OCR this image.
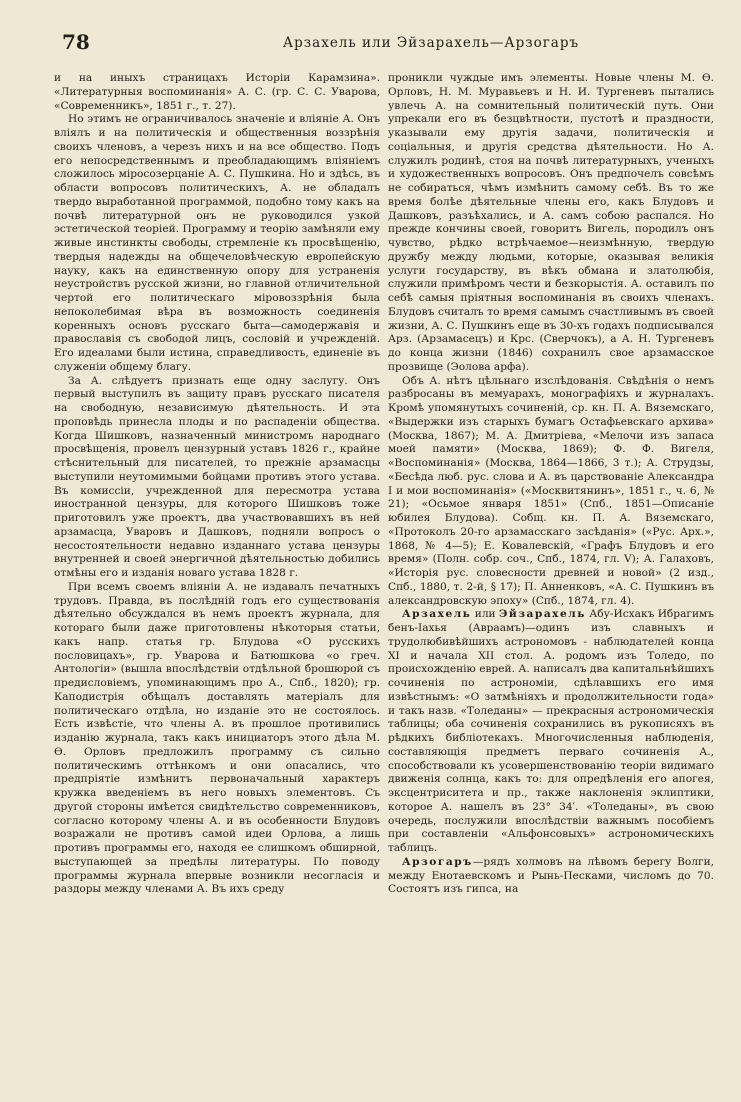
78	Арзахель или Эйзарахель—Арзогаръ

и на иныхъ страницахъ Исторіи Карамзина». «Литературныя воспоминанія» А. С. (гр. С. С. Уварова, «Современникъ», 1851 г., т. 27).

Но этимъ не ограничивалось значеніе и вліяніе А. Онъ вліялъ и на политическія и общественныя воззрѣнія своихъ членовъ, а черезъ нихъ и на все общество. Подъ его непосредственнымъ и преобладающимъ вліяніемъ сложилось міросозерцаніе А. С. Пушкина. Но и здѣсь, въ области вопросовъ политическихъ, А. не обладалъ твердо выработанной программой, подобно тому какъ на почвѣ литературной онъ не руководился узкой эстетической теоріей. Программу и теорію замѣняли ему живые инстинкты свободы, стремленіе къ просвѣщенію, твердыя надежды на общечеловѣческую европейскую науку, какъ на единственную опору для устраненія неустройствъ русской жизни, но главной отличительной чертой его политическаго міровоззрѣнія была непоколебимая вѣра въ возможность соединенія коренныхъ основъ русскаго быта—самодержавія и православія съ свободой лицъ, сословій и учрежденій. Его идеалами были истина, справедливость, единеніе въ служеніи общему благу.

За А. слѣдуетъ признать еще одну заслугу. Онъ первый выступилъ въ защиту правъ русскаго писателя на свободную, независимую дѣятельность. И эта проповѣдь принесла плоды и по распаденіи общества. Когда Шишковъ, назначенный министромъ народнаго просвѣщенія, провелъ цензурный уставъ 1826 г., крайне стѣснительный для писателей, то прежніе арзамасцы выступили неутомимыми бойцами противъ этого устава. Въ комиссіи, учрежденной для пересмотра устава иностранной цензуры, для которого Шишковъ тоже приготовилъ уже проектъ, два участвовавшихъ въ ней арзамасца, Уваровъ и Дашковъ, подняли вопросъ о несостоятельности недавно изданнаго устава цензуры внутренней и своей энергичной дѣятельностью добились отмѣны его и изданія новаго устава 1828 г.

При всемъ своемъ вліяніи А. не издавалъ печатныхъ трудовъ. Правда, въ послѣдній годъ его существованія дѣятельно обсуждался въ немъ проектъ журнала, для котораго были даже приготовлены нѣкоторыя статьи, какъ напр. статья гр. Блудова «О русскихъ пословицахъ», гр. Уварова и Батюшкова «о греч. Антологіи» (вышла впослѣдствіи отдѣльной брошюрой съ предисловіемъ, упоминающимъ про А., Спб., 1820); гр. Каподистрія обѣщалъ доставлять матеріалъ для политическаго отдѣла, но изданіе это не состоялось. Есть извѣстіе, что члены А. въ прошлое противились изданію журнала, такъ какъ инициаторъ этого дѣла М. Ѳ. Орловъ предложилъ программу съ сильно политическимъ оттѣнкомъ и они опасались, что предпріятіе измѣнитъ первоначальный характеръ кружка введеніемъ въ него новыхъ элементовъ. Съ другой стороны имѣется свидѣтельство современниковъ, согласно которому члены А. и въ особенности Блудовъ возражали не противъ самой идеи Орлова, а лишь противъ программы его, находя ее слишкомъ обширной, выступающей за предѣлы литературы. По поводу программы журнала впервые возникли несогласія и раздоры между членами А. Въ ихъ среду

проникли чуждые имъ элементы. Новые члены М. Ѳ. Орловъ, Н. М. Муравьевъ и Н. И. Тургеневъ пытались увлечь А. на сомнительный политическій путь. Они упрекали его въ безцвѣтности, пустотѣ и праздности, указывали ему другія задачи, политическія и соціальныя, и другія средства дѣятельности. Но А. служилъ родинѣ, стоя на почвѣ литературныхъ, ученыхъ и художественныхъ вопросовъ. Онъ предпочелъ совсѣмъ не собираться, чѣмъ измѣнить самому себѣ. Въ то же время болѣе дѣятельные члены его, какъ Блудовъ и Дашковъ, разъѣхались, и А. самъ собою распался. Но прежде кончины своей, говоритъ Вигель, породилъ онъ чувство, рѣдко встрѣчаемое—неизмѣнную, твердую дружбу между людьми, которые, оказывая великія услуги государству, въ вѣкъ обмана и златолюбія, служили примѣромъ чести и безкорыстія. А. оставилъ по себѣ самыя пріятныя воспоминанія въ своихъ членахъ. Блудовъ считалъ то время самымъ счастливымъ въ своей жизни, А. С. Пушкинъ еще въ 30-хъ годахъ подписывался Арз. (Арзамасецъ) и Крс. (Сверчокъ), а А. Н. Тургеневъ до конца жизни (1846) сохранилъ свое арзамасское прозвище (Эолова арфа).

Объ А. нѣтъ цѣльнаго изслѣдованія. Свѣдѣнія о немъ разбросаны въ мемуарахъ, монографіяхъ и журналахъ. Кромѣ упомянутыхъ сочиненій, ср. кн. П. А. Вяземскаго, «Выдержки изъ старыхъ бумагъ Остафьевскаго архива» (Москва, 1867); М. А. Дмитріева, «Мелочи изъ запаса моей памяти» (Москва, 1869); Ф. Ф. Вигеля, «Воспоминанія» (Москва, 1864—1866, 3 т.); А. Струдзы, «Бесѣда люб. рус. слова и А. въ царствованіе Александра I и мои воспоминанія» («Москвитянинъ», 1851 г., ч. 6, № 21); «Осьмое января 1851» (Спб., 1851—Описаніе юбилея Блудова). Собщ. кн. П. А. Вяземскаго, «Протоколъ 20-го арзамасскаго засѣданія» («Рус. Арх.», 1868, № 4—5); Е. Ковалевскій, «Графъ Блудовъ и его время» (Полн. собр. соч., Спб., 1874, гл. V); А. Галаховъ, «Исторія рус. словесности древней и новой» (2 изд., Спб., 1880, т. 2-й, § 17); П. Анненковъ, «А. С. Пушкинъ въ александровскую эпоху» (Спб., 1874, гл. 4).

Арзахель или Эйзарахель Абу-Исхакъ Ибрагимъ бенъ-Іахья (Авраамъ)—одинъ изъ славныхъ и трудолюбивѣйшихъ астрономовъ - наблюдателей конца XI и начала XII стол. А. родомъ изъ Толедо, по происхожденію еврей. А. написалъ два капитальнѣйшихъ сочиненія по астрономіи, сдѣлавшихъ его имя извѣстнымъ: «О затмѣніяхъ и продолжительности года» и такъ назв. «Толеданы» — прекрасныя астрономическія таблицы; оба сочиненія сохранились въ рукописяхъ въ рѣдкихъ библіотекахъ. Многочисленныя наблюденія, составляющія предметъ перваго сочиненія А., способствовали къ усовершенствованію теоріи видимаго движенія солнца, какъ то: для опредѣленія его апогея, эксцентриситета и пр., также наклоненія эклиптики, которое А. нашелъ въ 23° 34′. «Толеданы», въ свою очередь, послужили впослѣдствіи важнымъ пособіемъ при составленіи «Альфонсовыхъ» астрономическихъ таблицъ.

Арзогаръ—рядъ холмовъ на лѣвомъ берегу Волги, между Енотаевскомъ и Рынь-Песками, числомъ до 70. Состоятъ изъ гипса, на
